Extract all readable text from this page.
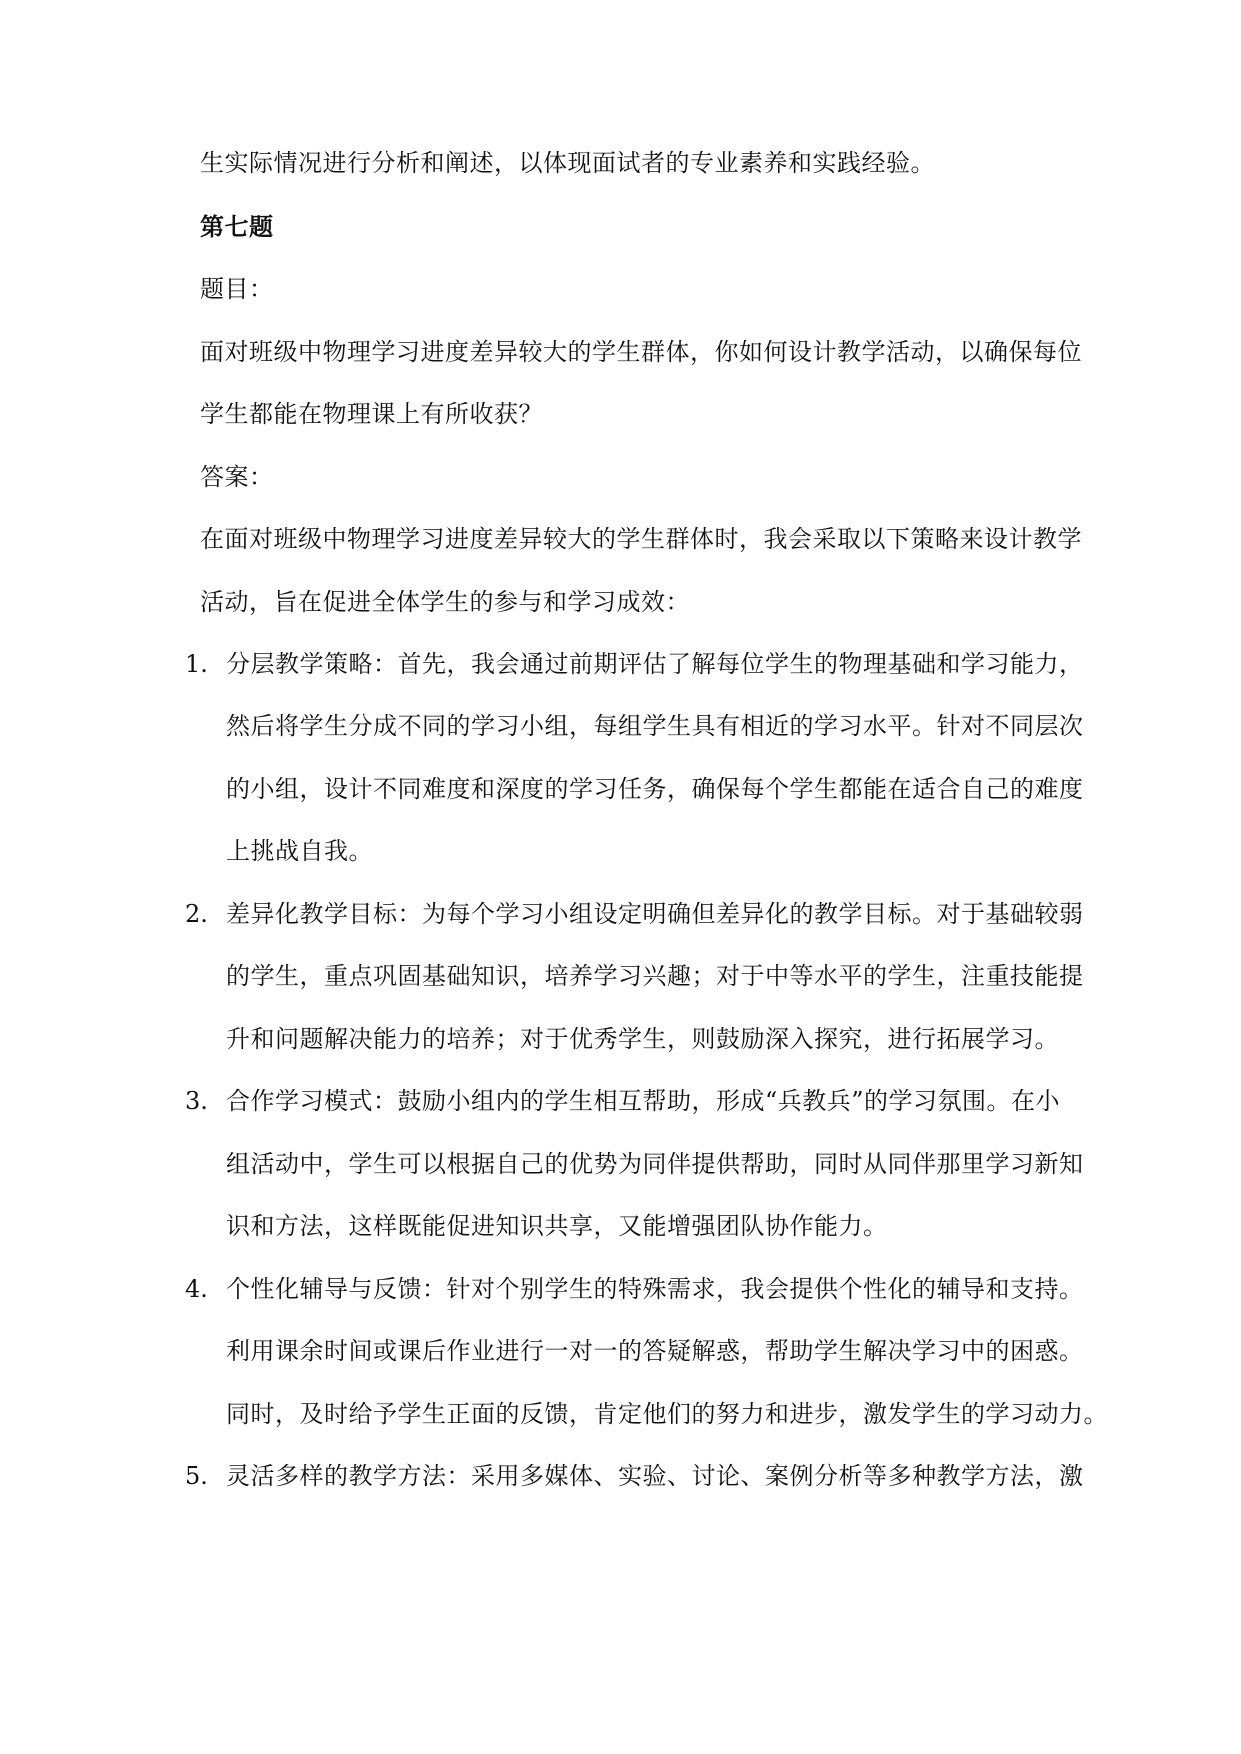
生实际情况进行分析和阐述，以体现面试者的专业素养和实践经验。
第七题
题目：
面对班级中物理学习进度差异较大的学生群体，你如何设计教学活动，以确保每位
学生都能在物理课上有所收获？
答案：
在面对班级中物理学习进度差异较大的学生群体时，我会采取以下策略来设计教学
活动，旨在促进全体学生的参与和学习成效：
1. 分层教学策略：首先，我会通过前期评估了解每位学生的物理基础和学习能力，
然后将学生分成不同的学习小组，每组学生具有相近的学习水平。针对不同层次
的小组，设计不同难度和深度的学习任务，确保每个学生都能在适合自己的难度
上挑战自我。
2. 差异化教学目标：为每个学习小组设定明确但差异化的教学目标。对于基础较弱
的学生，重点巩固基础知识，培养学习兴趣；对于中等水平的学生，注重技能提
升和问题解决能力的培养；对于优秀学生，则鼓励深入探究，进行拓展学习。
3. 合作学习模式：鼓励小组内的学生相互帮助，形成“兵教兵”的学习氛围。在小
组活动中，学生可以根据自己的优势为同伴提供帮助，同时从同伴那里学习新知
识和方法，这样既能促进知识共享，又能增强团队协作能力。
4. 个性化辅导与反馈：针对个别学生的特殊需求，我会提供个性化的辅导和支持。
利用课余时间或课后作业进行一对一的答疑解惑，帮助学生解决学习中的困惑。
同时，及时给予学生正面的反馈，肯定他们的努力和进步，激发学生的学习动力。
5. 灵活多样的教学方法：采用多媒体、实验、讨论、案例分析等多种教学方法，激
